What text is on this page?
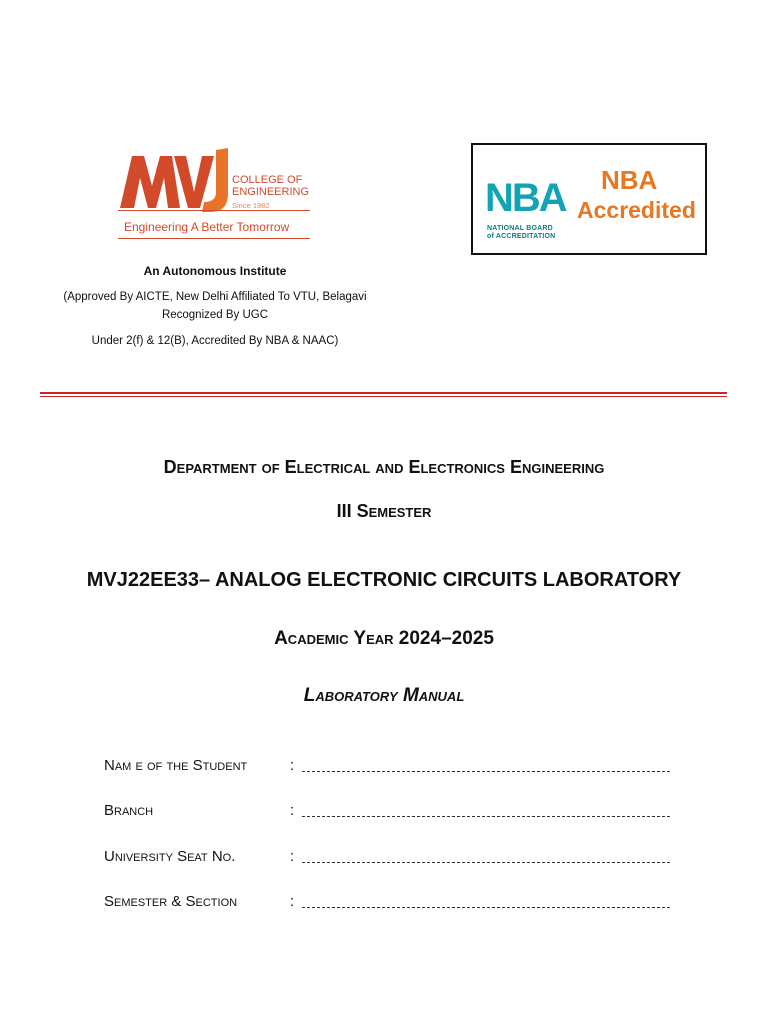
COLLEGE OF
ENGINEERING
Since 1982
Engineering A Better Tomorrow
An Autonomous Institute
(Approved By AICTE, New Delhi Affiliated To VTU, Belagavi
Recognized By UGC
Under 2(f) & 12(B), Accredited By NBA & NAAC)
NBA
NATIONAL BOARD
of ACCREDITATION
NBA
Accredited
Department of Electrical and Electronics Engineering
III Semester
MVJ22EE33– ANALOG ELECTRONIC CIRCUITS LABORATORY
Academic Year 2024–2025
Laboratory Manual
Nam e of the Student	:
Branch	:
University Seat No.	:
Semester & Section	:
